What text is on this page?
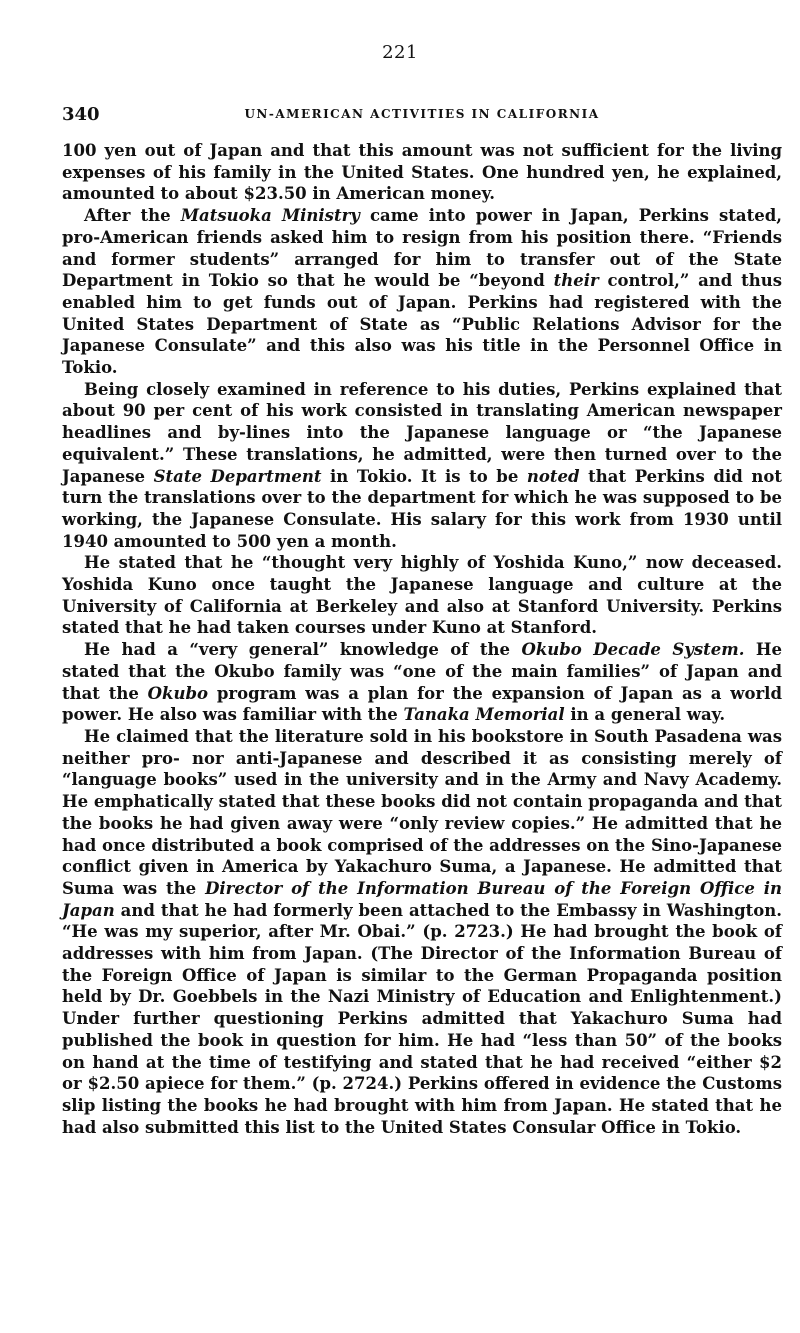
221
340	UN-AMERICAN ACTIVITIES IN CALIFORNIA

100 yen out of Japan and that this amount was not sufficient for the living expenses of his family in the United States. One hundred yen, he explained, amounted to about $23.50 in American money.

After the Matsuoka Ministry came into power in Japan, Perkins stated, pro-American friends asked him to resign from his position there. “Friends and former students” arranged for him to transfer out of the State Department in Tokio so that he would be “beyond their control,” and thus enabled him to get funds out of Japan. Perkins had registered with the United States Department of State as “Public Relations Advisor for the Japanese Consulate” and this also was his title in the Personnel Office in Tokio.

Being closely examined in reference to his duties, Perkins explained that about 90 per cent of his work consisted in translating American newspaper headlines and by-lines into the Japanese language or “the Japanese equivalent.” These translations, he admitted, were then turned over to the Japanese State Department in Tokio. It is to be noted that Perkins did not turn the translations over to the department for which he was supposed to be working, the Japanese Consulate. His salary for this work from 1930 until 1940 amounted to 500 yen a month.

He stated that he “thought very highly of Yoshida Kuno,” now deceased. Yoshida Kuno once taught the Japanese language and culture at the University of California at Berkeley and also at Stanford University. Perkins stated that he had taken courses under Kuno at Stanford.

He had a “very general” knowledge of the Okubo Decade System. He stated that the Okubo family was “one of the main families” of Japan and that the Okubo program was a plan for the expansion of Japan as a world power. He also was familiar with the Tanaka Memorial in a general way.

He claimed that the literature sold in his bookstore in South Pasadena was neither pro- nor anti-Japanese and described it as consisting merely of “language books” used in the university and in the Army and Navy Academy. He emphatically stated that these books did not contain propaganda and that the books he had given away were “only review copies.” He admitted that he had once distributed a book comprised of the addresses on the Sino-Japanese conflict given in America by Yakachuro Suma, a Japanese. He admitted that Suma was the Director of the Information Bureau of the Foreign Office in Japan and that he had formerly been attached to the Embassy in Washington. “He was my superior, after Mr. Obai.” (p. 2723.) He had brought the book of addresses with him from Japan. (The Director of the Information Bureau of the Foreign Office of Japan is similar to the German Propaganda position held by Dr. Goebbels in the Nazi Ministry of Education and Enlightenment.) Under further questioning Perkins admitted that Yakachuro Suma had published the book in question for him. He had “less than 50” of the books on hand at the time of testifying and stated that he had received “either $2 or $2.50 apiece for them.” (p. 2724.) Perkins offered in evidence the Customs slip listing the books he had brought with him from Japan. He stated that he had also submitted this list to the United States Consular Office in Tokio.
